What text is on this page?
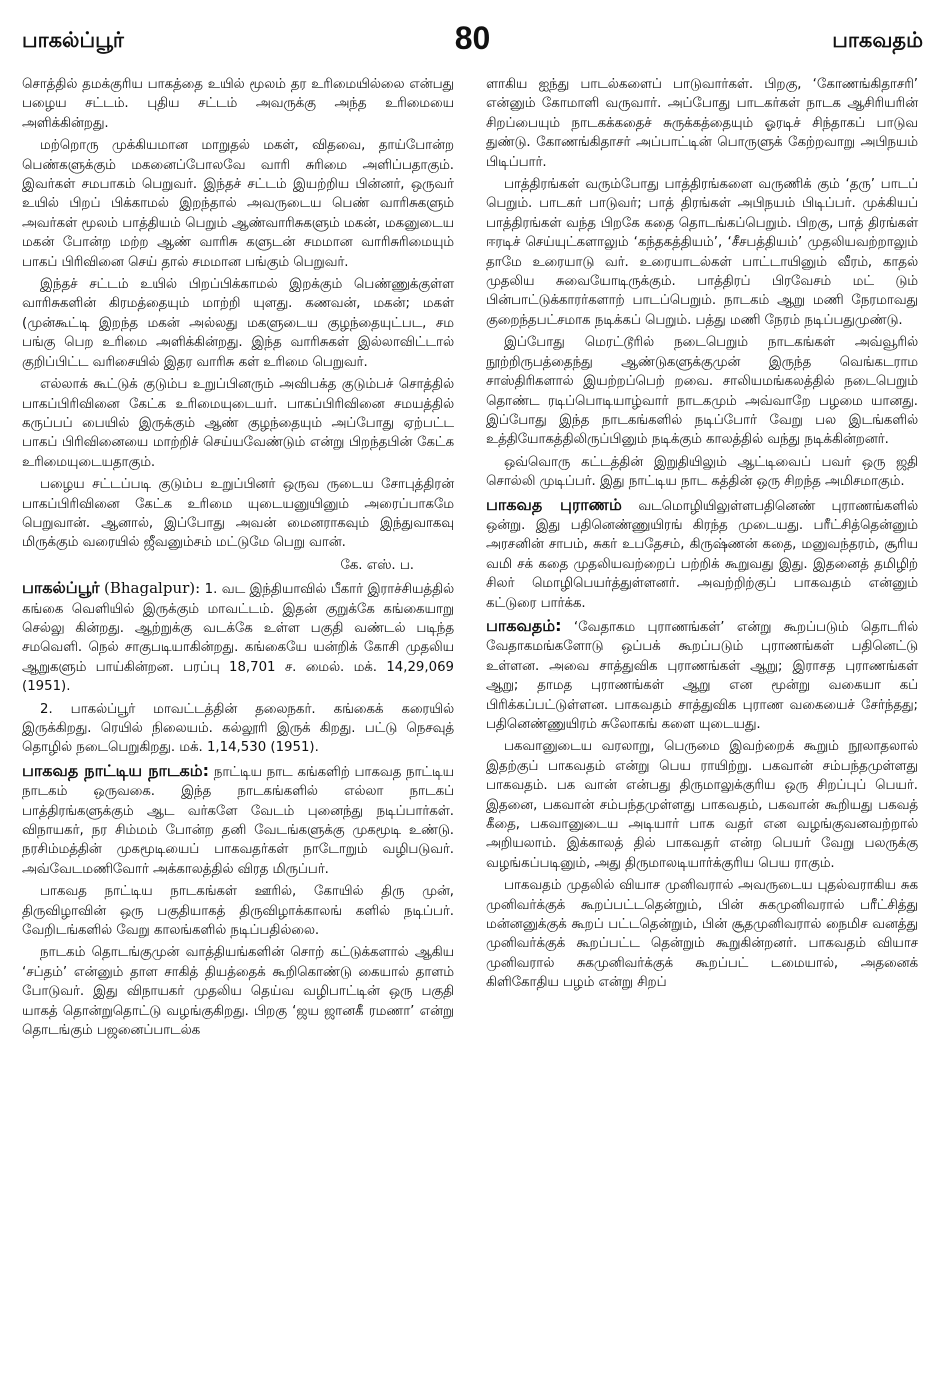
பாகல்ப்பூர்	80	பாகவதம்

சொத்தில் தமக்குரிய பாகத்தை உயில் மூலம் தர உரிமையில்லை என்பது பழைய சட்டம். புதிய சட்டம் அவருக்கு அந்த உரிமையை அளிக்கின்றது.

மற்றொரு முக்கியமான மாறுதல் மகள், விதவை, தாய்போன்ற பெண்களுக்கும் மகனைப்போலவே வாரி சுரிமை அளிப்பதாகும். இவர்கள் சமபாகம் பெறுவர். இந்தச் சட்டம் இயற்றிய பின்னர், ஒருவர் உயில் பிறப் பிக்காமல் இறந்தால் அவருடைய பெண் வாரிசுகளும் அவர்கள் மூலம் பாத்தியம் பெறும் ஆண்வாரிசுகளும் மகன், மகனுடைய மகன் போன்ற மற்ற ஆண் வாரிசு களுடன் சமமான வாரிசுரிமையும் பாகப் பிரிவினை செய் தால் சமமான பங்கும் பெறுவர்.

இந்தச் சட்டம் உயில் பிறப்பிக்காமல் இறக்கும் பெண்ணுக்குள்ள வாரிசுகளின் கிரமத்தையும் மாற்றி யுளது. கணவன், மகன்; மகள் (முன்கூட்டி இறந்த மகன் அல்லது மகளுடைய குழந்தையுட்பட, சம பங்கு பெற உரிமை அளிக்கின்றது. இந்த வாரிசுகள் இல்லாவிட்டால் குறிப்பிட்ட வரிசையில் இதர வாரிசு கள் உரிமை பெறுவர்.

எல்லாக் கூட்டுக் குடும்ப உறுப்பினரும் அவிபக்த குடும்பச் சொத்தில் பாகப்பிரிவினை கேட்க உரிமையுடையர். பாகப்பிரிவினை சமயத்தில் கருப்பப் பையில் இருக்கும் ஆண் குழந்தையும் அப்போது ஏற்பட்ட பாகப் பிரிவினையை மாற்றிச் செய்யவேண்டும் என்று பிறந்தபின் கேட்க உரிமையுடையதாகும்.

பழைய சட்டப்படி குடும்ப உறுப்பினர் ஒருவ ருடைய சோபுத்திரன் பாகப்பிரிவினை கேட்க உரிமை யுடையனுயினும் அரைப்பாகமே பெறுவான். ஆனால், இப்போது அவன் மைனராகவும் இந்துவாகவு மிருக்கும் வரையில் ஜீவனும்சம் மட்டுமே பெறு வான்.

கே. எஸ். ப.

பாகல்ப்பூர் (Bhagalpur): 1. வட இந்தியாவில் பீகார் இராச்சியத்தில் கங்கை வெளியில் இருக்கும் மாவட்டம். இதன் குறுக்கே கங்கையாறு செல்லு கின்றது. ஆற்றுக்கு வடக்கே உள்ள பகுதி வண்டல் படிந்த சமவெளி. நெல் சாகுபடியாகின்றது. கங்கையே யன்றிக் கோசி முதலிய ஆறுகளும் பாய்கின்றன. பரப்பு 18,701 ச. மைல். மக். 14,29,069 (1951).

2. பாகல்ப்பூர் மாவட்டத்தின் தலைநகர். கங்கைக் கரையில் இருக்கிறது. ரெயில் நிலையம். கல்லூரி இருக் கிறது. பட்டு நெசவுத் தொழில் நடைபெறுகிறது. மக். 1,14,530 (1951).

பாகவத நாட்டிய நாடகம்: நாட்டிய நாட கங்களிற் பாகவத நாட்டிய நாடகம் ஒருவகை. இந்த நாடகங்களில் எல்லா நாடகப் பாத்திரங்களுக்கும் ஆட வர்களே வேடம் புனைந்து நடிப்பார்கள். விநாயகர், நர சிம்மம் போன்ற தனி வேடங்களுக்கு முகமூடி உண்டு. நரசிம்மத்தின் முகமூடியைப் பாகவதர்கள் நாடோறும் வழிபடுவர். அவ்வேடமணிவோர் அக்காலத்தில் விரத மிருப்பர்.

பாகவத நாட்டிய நாடகங்கள் ஊரில், கோயில் திரு முன், திருவிழாவின் ஒரு பகுதியாகத் திருவிழாக்காலங் களில் நடிப்பர். வேறிடங்களில் வேறு காலங்களில் நடிப்பதில்லை.

நாடகம் தொடங்குமுன் வாத்தியங்களின் சொற் கட்டுக்களால் ஆகிய ‘சப்தம்’ என்னும் தாள சாகித் தியத்தைக் கூறிகொண்டு கையால் தாளம் போடுவர். இது விநாயகர் முதலிய தெய்வ வழிபாட்டின் ஒரு பகுதி யாகத் தொன்றுதொட்டு வழங்குகிறது. பிறகு ‘ஜய ஜானகீ ரமணா’ என்று தொடங்கும் பஜனைப்பாடல்க

ளாகிய ஐந்து பாடல்களைப் பாடுவார்கள். பிறகு, ‘கோணங்கிதாசரி’ என்னும் கோமாளி வருவார். அப்போது பாடகர்கள் நாடக ஆசிரியரின் சிறப்பையும் நாடகக்கதைச் சுருக்கத்தையும் ஓரடிச் சிந்தாகப் பாடுவ துண்டு. கோணங்கிதாசர் அப்பாட்டின் பொருளுக் கேற்றவாறு அபிநயம் பிடிப்பார்.

பாத்திரங்கள் வரும்போது பாத்திரங்களை வருணிக் கும் ‘தரு’ பாடப் பெறும். பாடகர் பாடுவர்; பாத் திரங்கள் அபிநயம் பிடிப்பர். முக்கியப் பாத்திரங்கள் வந்த பிறகே கதை தொடங்கப்பெறும். பிறகு, பாத் திரங்கள் ஈரடிச் செய்யுட்களாலும் ‘கந்தகத்தியம்’, ‘சீசபத்தியம்’ முதலியவற்றாலும் தாமே உரையாடு வர். உரையாடல்கள் பாட்டாயினும் வீரம், காதல் முதலிய சுவையோடிருக்கும். பாத்திரப் பிரவேசம் மட் டும் பின்பாட்டுக்காரர்களாற் பாடப்பெறும். நாடகம் ஆறு மணி நேரமாவது குறைந்தபட்சமாக நடிக்கப் பெறும். பத்து மணி நேரம் நடிப்பதுமுண்டு.

இப்போது மெரட்டூரில் நடைபெறும் நாடகங்கள் அவ்வூரில் நூற்றிருபத்தைந்து ஆண்டுகளுக்குமுன் இருந்த வெங்கடராம சாஸ்திரிகளால் இயற்றப்பெற் றவை. சாலியமங்கலத்தில் நடைபெறும் தொண்ட ரடிப்பொடியாழ்வார் நாடகமும் அவ்வாறே பழமை யானது. இப்போது இந்த நாடகங்களில் நடிப்போர் வேறு பல இடங்களில் உத்தியோகத்திலிருப்பினும் நடிக்கும் காலத்தில் வந்து நடிக்கின்றனர்.

ஒவ்வொரு கட்டத்தின் இறுதியிலும் ஆட்டிவைப் பவர் ஒரு ஜதி சொல்லி முடிப்பர். இது நாட்டிய நாட கத்தின் ஒரு சிறந்த அமிசமாகும்.

பாகவத புராணம் வடமொழியிலுள்ளபதினெண் புராணங்களில் ஒன்று. இது பதினெண்ணுயிரங் கிரந்த முடையது. பரீட்சித்தென்னும் அரசனின் சாபம், சுகர் உபதேசம், கிருஷ்ணன் கதை, மனுவந்தரம், சூரிய வமி சக் கதை முதலியவற்றைப் பற்றிக் கூறுவது இது. இதனைத் தமிழிற் சிலர் மொழிபெயர்த்துள்ளனர். அவற்றிற்குப் பாகவதம் என்னும் கட்டுரை பார்க்க.

பாகவதம்: ‘வேதாகம புராணங்கள்’ என்று கூறப்படும் தொடரில் வேதாகமங்களோடு ஒப்பக் கூறப்படும் புராணங்கள் பதினெட்டு உள்ளன. அவை சாத்துவிக புராணங்கள் ஆறு; இராசத புராணங்கள் ஆறு; தாமத புராணங்கள் ஆறு என மூன்று வகையா கப் பிரிக்கப்பட்டுள்ளன. பாகவதம் சாத்துவிக புராண வகையைச் சேர்ந்தது; பதினெண்ணுயிரம் சுலோகங் களை யுடையது.

பகவானுடைய வரலாறு, பெருமை இவற்றைக் கூறும் நூலாதலால் இதற்குப் பாகவதம் என்று பெய ராயிற்று. பகவான் சம்பந்தமுள்ளது பாகவதம். பக வான் என்பது திருமாலுக்குரிய ஒரு சிறப்புப் பெயர். இதனை, பகவான் சம்பந்தமுள்ளது பாகவதம், பகவான் கூறியது பகவத் கீதை, பகவானுடைய அடியார் பாக வதர் என வழங்குவனவற்றால் அறியலாம். இக்காலத் தில் பாகவதர் என்ற பெயர் வேறு பலருக்கு வழங்கப்படினும், அது திருமாலடியார்க்குரிய பெய ராகும்.

பாகவதம் முதலில் வியாச முனிவரால் அவருடைய புதல்வராகிய சுக முனிவர்க்குக் கூறப்பட்டதென்றும், பின் சுகமுனிவரால் பரீட்சித்து மன்னனுக்குக் கூறப் பட்டதென்றும், பின் சூதமுனிவரால் நைமிச வனத்து முனிவர்க்குக் கூறப்பட்ட தென்றும் கூறுகின்றனர். பாகவதம் வியாச முனிவரால் சுகமுனிவர்க்குக் கூறப்பட் டமையால், அதனைக் கிளிகோதிய பழம் என்று சிறப்
